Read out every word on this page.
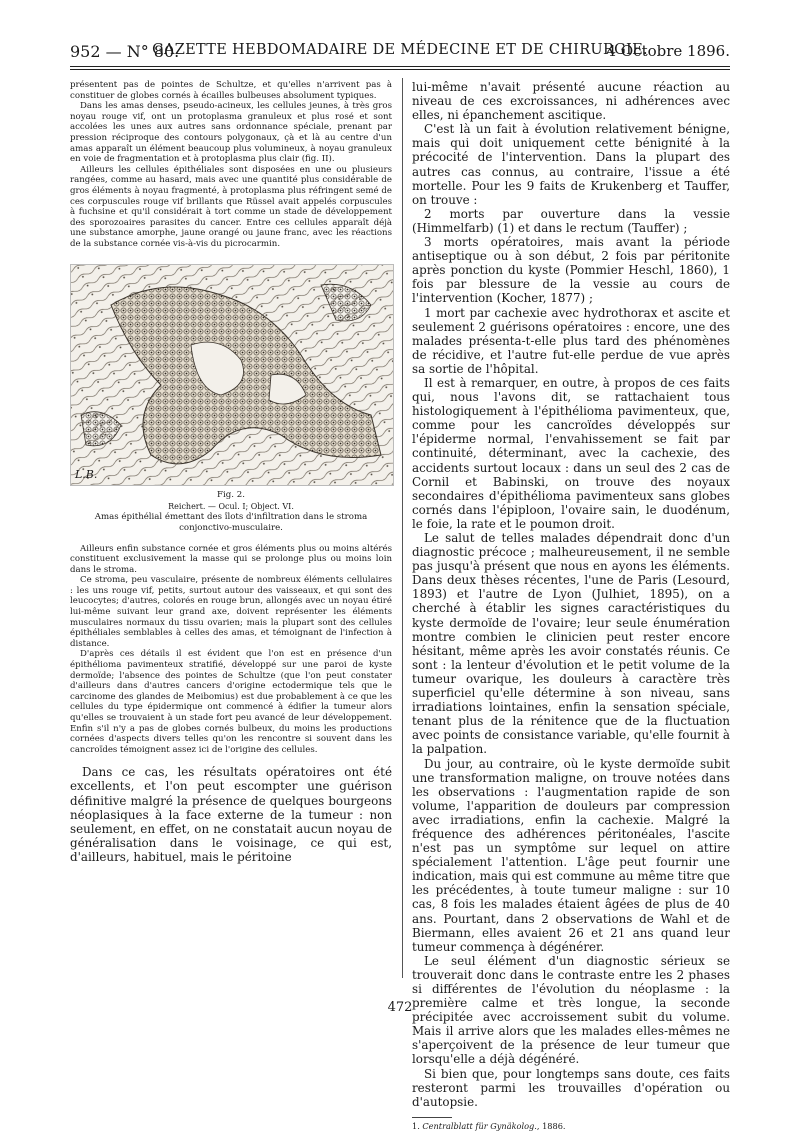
952 — N° 80.
GAZETTE HEBDOMADAIRE DE MÉDECINE ET DE CHIRURGIE.
4 Octobre 1896.

présentent pas de pointes de Schultze, et qu'elles n'arrivent pas à constituer de globes cornés à écailles bulbeuses absolument typiques.

Dans les amas denses, pseudo-acineux, les cellules jeunes, à très gros noyau rouge vif, ont un protoplasma granuleux et plus rosé et sont accolées les unes aux autres sans ordonnance spéciale, prenant par pression réciproque des contours polygonaux, çà et là au centre d'un amas apparaît un élément beaucoup plus volumineux, à noyau granuleux en voie de fragmentation et à protoplasma plus clair (fig. II).

Ailleurs les cellules épithéliales sont disposées en une ou plusieurs rangées, comme au hasard, mais avec une quantité plus considérable de gros éléments à noyau fragmenté, à protoplasma plus réfringent semé de ces corpuscules rouge vif brillants que Rüssel avait appelés corpuscules à fuchsine et qu'il considérait à tort comme un stade de développement des sporozoaires parasites du cancer. Entre ces cellules apparaît déjà une substance amorphe, jaune orangé ou jaune franc, avec les réactions de la substance cornée vis-à-vis du picrocarmin.

L.B.
Fig. 2.
Reichert. — Ocul. I; Object. VI.
Amas épithélial émettant des îlots d'infiltration dans le stroma conjonctivo-musculaire.

Ailleurs enfin substance cornée et gros éléments plus ou moins altérés constituent exclusivement la masse qui se prolonge plus ou moins loin dans le stroma.

Ce stroma, peu vasculaire, présente de nombreux éléments cellulaires : les uns rouge vif, petits, surtout autour des vaisseaux, et qui sont des leucocytes; d'autres, colorés en rouge brun, allongés avec un noyau étiré lui-même suivant leur grand axe, doivent représenter les éléments musculaires normaux du tissu ovarien; mais la plupart sont des cellules épithéliales semblables à celles des amas, et témoignant de l'infection à distance.

D'après ces détails il est évident que l'on est en présence d'un épithélioma pavimenteux stratifié, développé sur une paroi de kyste dermoïde; l'absence des pointes de Schultze (que l'on peut constater d'ailleurs dans d'autres cancers d'origine ectodermique tels que le carcinome des glandes de Meibomius) est due probablement à ce que les cellules du type épidermique ont commencé à édifier la tumeur alors qu'elles se trouvaient à un stade fort peu avancé de leur développement. Enfin s'il n'y a pas de globes cornés bulbeux, du moins les productions cornées d'aspects divers telles qu'on les rencontre si souvent dans les cancroïdes témoignent assez ici de l'origine des cellules.

Dans ce cas, les résultats opératoires ont été excellents, et l'on peut escompter une guérison définitive malgré la présence de quelques bourgeons néoplasiques à la face externe de la tumeur : non seulement, en effet, on ne constatait aucun noyau de généralisation dans le voisinage, ce qui est, d'ailleurs, habituel, mais le péritoine

lui-même n'avait présenté aucune réaction au niveau de ces excroissances, ni adhérences avec elles, ni épanchement ascitique.

C'est là un fait à évolution relativement bénigne, mais qui doit uniquement cette bénignité à la précocité de l'intervention. Dans la plupart des autres cas connus, au contraire, l'issue a été mortelle. Pour les 9 faits de Krukenberg et Tauffer, on trouve :

2 morts par ouverture dans la vessie (Himmelfarb) (1) et dans le rectum (Tauffer) ;

3 morts opératoires, mais avant la période antiseptique ou à son début, 2 fois par péritonite après ponction du kyste (Pommier Heschl, 1860), 1 fois par blessure de la vessie au cours de l'intervention (Kocher, 1877) ;

1 mort par cachexie avec hydrothorax et ascite et seulement 2 guérisons opératoires : encore, une des malades présenta-t-elle plus tard des phénomènes de récidive, et l'autre fut-elle perdue de vue après sa sortie de l'hôpital.

Il est à remarquer, en outre, à propos de ces faits qui, nous l'avons dit, se rattachaient tous histologiquement à l'épithélioma pavimenteux, que, comme pour les cancroïdes développés sur l'épiderme normal, l'envahissement se fait par continuité, déterminant, avec la cachexie, des accidents surtout locaux : dans un seul des 2 cas de Cornil et Babinski, on trouve des noyaux secondaires d'épithélioma pavimenteux sans globes cornés dans l'épiploon, l'ovaire sain, le duodénum, le foie, la rate et le poumon droit.

Le salut de telles malades dépendrait donc d'un diagnostic précoce ; malheureusement, il ne semble pas jusqu'à présent que nous en ayons les éléments. Dans deux thèses récentes, l'une de Paris (Lesourd, 1893) et l'autre de Lyon (Julhiet, 1895), on a cherché à établir les signes caractéristiques du kyste dermoïde de l'ovaire; leur seule énumération montre combien le clinicien peut rester encore hésitant, même après les avoir constatés réunis. Ce sont : la lenteur d'évolution et le petit volume de la tumeur ovarique, les douleurs à caractère très superficiel qu'elle détermine à son niveau, sans irradiations lointaines, enfin la sensation spéciale, tenant plus de la rénitence que de la fluctuation avec points de consistance variable, qu'elle fournit à la palpation.

Du jour, au contraire, où le kyste dermoïde subit une transformation maligne, on trouve notées dans les observations : l'augmentation rapide de son volume, l'apparition de douleurs par compression avec irradiations, enfin la cachexie. Malgré la fréquence des adhérences péritonéales, l'ascite n'est pas un symptôme sur lequel on attire spécialement l'attention. L'âge peut fournir une indication, mais qui est commune au même titre que les précédentes, à toute tumeur maligne : sur 10 cas, 8 fois les malades étaient âgées de plus de 40 ans. Pourtant, dans 2 observations de Wahl et de Biermann, elles avaient 26 et 21 ans quand leur tumeur commença à dégénérer.

Le seul élément d'un diagnostic sérieux se trouverait donc dans le contraste entre les 2 phases si différentes de l'évolution du néoplasme : la première calme et très longue, la seconde précipitée avec accroissement subit du volume. Mais il arrive alors que les malades elles-mêmes ne s'aperçoivent de la présence de leur tumeur que lorsqu'elle a déjà dégénéré.

Si bien que, pour longtemps sans doute, ces faits resteront parmi les trouvailles d'opération ou d'autopsie.

1. Centralblatt für Gynäkolog., 1886.

472
